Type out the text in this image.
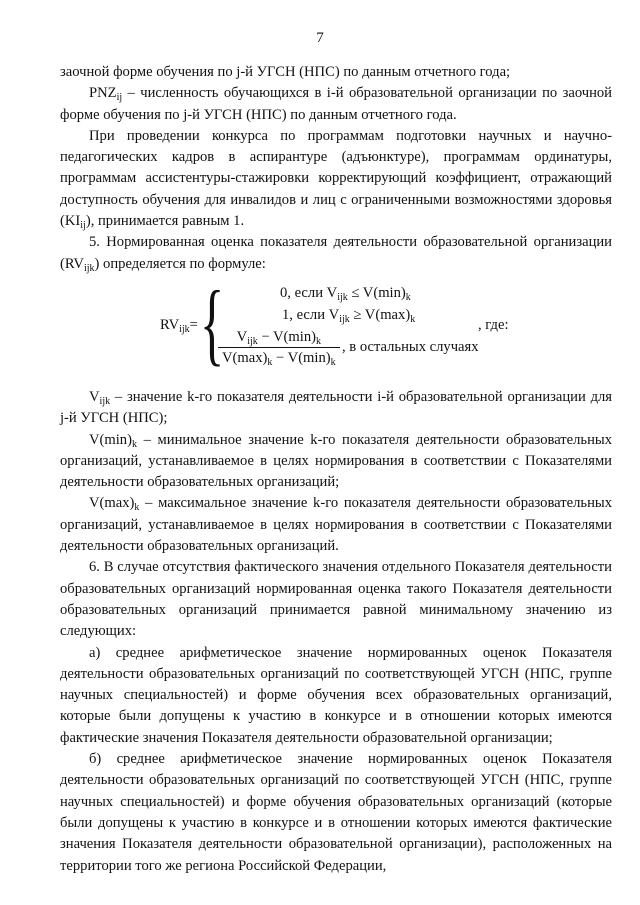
7

заочной форме обучения по j-й УГСН (НПС) по данным отчетного года;

$PNZ_{ij}$ – численность обучающихся в i-й образовательной организации по заочной форме обучения по j-й УГСН (НПС) по данным отчетного года.

При проведении конкурса по программам подготовки научных и научно-педагогических кадров в аспирантуре (адъюнктуре), программам ординатуры, программам ассистентуры-стажировки корректирующий коэффициент, отражающий доступность обучения для инвалидов и лиц с ограниченными возможностями здоровья $(KI_{ij})$, принимается равным 1.

5. Нормированная оценка показателя деятельности образовательной организации $(RV_{ijk})$ определяется по формуле:

$RV_{ijk}=$ {	0, если $V_{ijk} \le V(\min)_k$
1, если $V_{ijk} \ge V(\max)_k$
$V_{ijk} - V(\min)_k$
$V(\max)_k - V(\min)_k$
, в остальных случаях
, где:

$V_{ijk}$ – значение k-го показателя деятельности i-й образовательной организации для j-й УГСН (НПС);

$V(\min)_k$ – минимальное значение k-го показателя деятельности образовательных организаций, устанавливаемое в целях нормирования в соответствии с Показателями деятельности образовательных организаций;

$V(\max)_k$ – максимальное значение k-го показателя деятельности образовательных организаций, устанавливаемое в целях нормирования в соответствии с Показателями деятельности образовательных организаций.

6. В случае отсутствия фактического значения отдельного Показателя деятельности образовательных организаций нормированная оценка такого Показателя деятельности образовательных организаций принимается равной минимальному значению из следующих:

а) среднее арифметическое значение нормированных оценок Показателя деятельности образовательных организаций по соответствующей УГСН (НПС, группе научных специальностей) и форме обучения всех образовательных организаций, которые были допущены к участию в конкурсе и в отношении которых имеются фактические значения Показателя деятельности образовательной организации;

б) среднее арифметическое значение нормированных оценок Показателя деятельности образовательных организаций по соответствующей УГСН (НПС, группе научных специальностей) и форме обучения образовательных организаций (которые были допущены к участию в конкурсе и в отношении которых имеются фактические значения Показателя деятельности образовательной организации), расположенных на территории того же региона Российской Федерации,
